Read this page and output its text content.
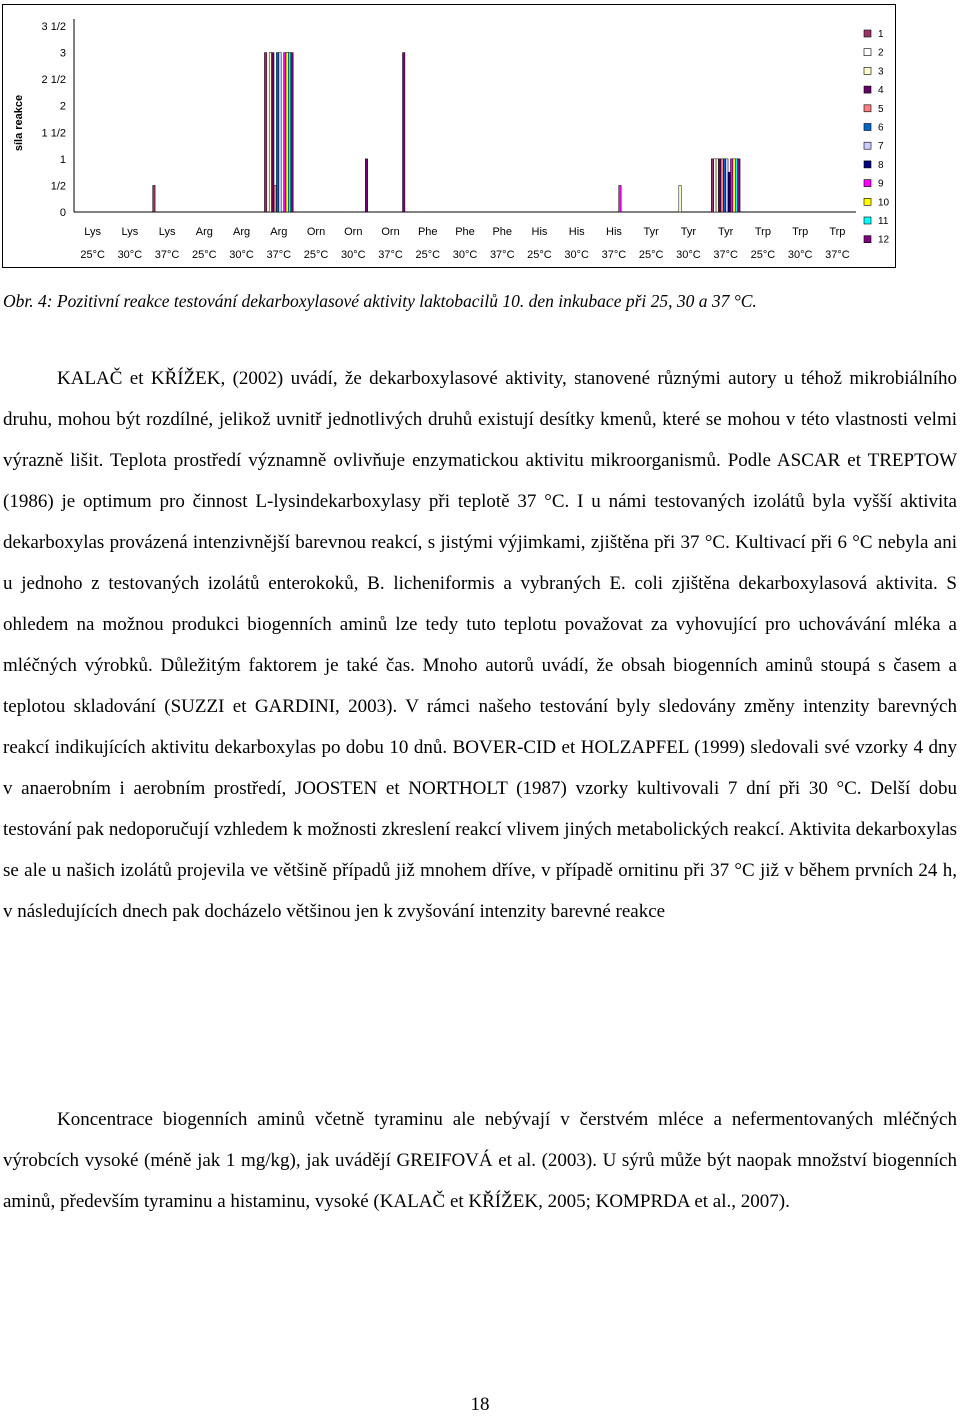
síla reakce
0
1/2
1
1 1/2
2
2 1/2
3
3 1/2
Lys
25°C
Lys
30°C
Lys
37°C
Arg
25°C
Arg
30°C
Arg
37°C
Orn
25°C
Orn
30°C
Orn
37°C
Phe
25°C
Phe
30°C
Phe
37°C
His
25°C
His
30°C
His
37°C
Tyr
25°C
Tyr
30°C
Tyr
37°C
Trp
25°C
Trp
30°C
Trp
37°C
1
2
3
4
5
6
7
8
9
10
11
12
Obr. 4: Pozitivní reakce testování dekarboxylasové aktivity laktobacilů 10. den inkubace při 25, 30 a 37 °C.

KALAČ et KŘÍŽEK, (2002) uvádí, že dekarboxylasové aktivity, stanovené různými autory u téhož mikrobiálního druhu, mohou být rozdílné, jelikož uvnitř jednotlivých druhů existují desítky kmenů, které se mohou v této vlastnosti velmi výrazně lišit. Teplota prostředí významně ovlivňuje enzymatickou aktivitu mikroorganismů. Podle ASCAR et TREPTOW (1986) je optimum pro činnost L-lysindekarboxylasy při teplotě 37 °C. I u námi testovaných izolátů byla vyšší aktivita dekarboxylas provázená intenzivnější barevnou reakcí, s jistými výjimkami, zjištěna při 37 °C. Kultivací při 6 °C nebyla ani u jednoho z testovaných izolátů enterokoků, B. licheniformis a vybraných E. coli zjištěna dekarboxylasová aktivita. S ohledem na možnou produkci biogenních aminů lze tedy tuto teplotu považovat za vyhovující pro uchovávání mléka a mléčných výrobků. Důležitým faktorem je také čas. Mnoho autorů uvádí, že obsah biogenních aminů stoupá s časem a teplotou skladování (SUZZI et GARDINI, 2003). V rámci našeho testování byly sledovány změny intenzity barevných reakcí indikujících aktivitu dekarboxylas po dobu 10 dnů. BOVER-CID et HOLZAPFEL (1999) sledovali své vzorky 4 dny v anaerobním i aerobním prostředí, JOOSTEN et NORTHOLT (1987) vzorky kultivovali 7 dní při 30 °C. Delší dobu testování pak nedoporučují vzhledem k možnosti zkreslení reakcí vlivem jiných metabolických reakcí. Aktivita dekarboxylas se ale u našich izolátů projevila ve většině případů již mnohem dříve, v případě ornitinu při 37 °C již v během prvních 24 h, v následujících dnech pak docházelo většinou jen k zvyšování intenzity barevné reakce

Koncentrace biogenních aminů včetně tyraminu ale nebývají v čerstvém mléce a nefermentovaných mléčných výrobcích vysoké (méně jak 1 mg/kg), jak uvádějí GREIFOVÁ et al. (2003). U sýrů může být naopak množství biogenních aminů, především tyraminu a histaminu, vysoké (KALAČ et KŘÍŽEK, 2005; KOMPRDA et al., 2007).

18
